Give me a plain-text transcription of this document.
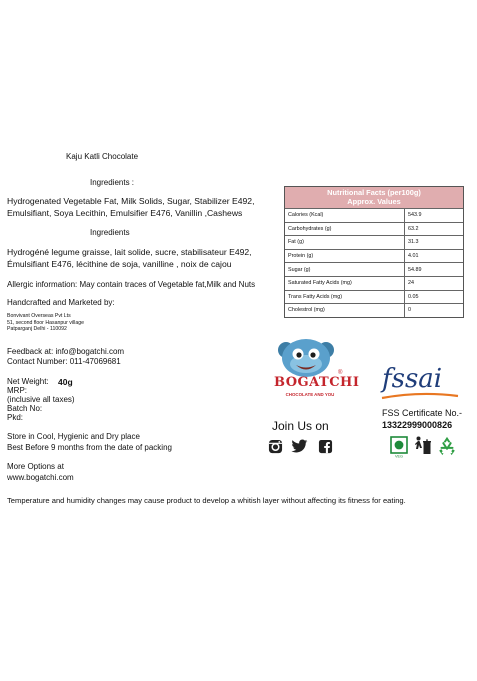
Kaju Katli Chocolate
Ingredients :
Hydrogenated Vegetable Fat, Milk Solids, Sugar, Stabilizer E492,
Emulsifiant, Soya Lecithin, Emulsifier E476, Vanillin ,Cashews
Ingredients
Hydrogéné legume graisse, lait solide, sucre, stabilisateur E492,
Émulsifiant E476, lécithine de soja, vanilline , noix de cajou
Allergic information: May contain traces of Vegetable fat,Milk and Nuts
Handcrafted and Marketed by:
Bonvivant Overseas Pvt Lts
51, second floor Hasanpur village
Patparganj Delhi - 110092
Feedback at: info@bogatchi.com
Contact Number: 011-47069681
Net Weight: 40g
MRP:
(inclusive all taxes)
Batch No:
Pkd:
Store in Cool, Hygienic and Dry place
Best Before 9 months from the date of packing
More Options at
www.bogatchi.com
Temperature and humidity changes may cause product to develop a whitish layer without affecting its fitness for eating.
Nutritional Facts (per100g)
Approx. Values
Calories (Kcal)	543.9
Carbohydrates (g)	63.2
Fat (g)	31.3
Protein (g)	4.01
Sugar (g)	54.89
Saturated Fatty Acids (mg)	24
Trans Fatty Acids (mg)	0.05
Cholestrol (mg)	0
BOGATCHI
®
CHOCOLATE AND YOU
Join Us on
fssai
FSS Certificate No.-
13322999000826
VEG
